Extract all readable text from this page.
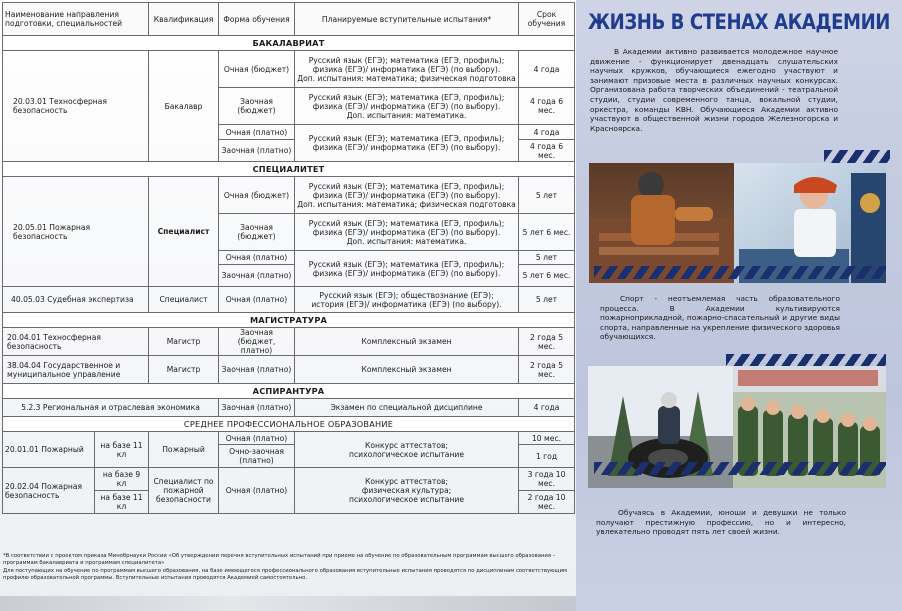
Наименование направления подготовки, специальностей		Квалификация	Форма обучения	Планируемые вступительные испытания*	Срок обучения
БАКАЛАВРИАТ					
20.03.01 Техносферная безопасность		Бакалавр	Очная (бюджет)	Русский язык (ЕГЭ); математика (ЕГЭ, профиль);
физика (ЕГЭ)/ информатика (ЕГЭ) (по выбору).
Доп. испытания: математика; физическая подготовка	4 года
			Заочная (бюджет)	Русский язык (ЕГЭ); математика (ЕГЭ, профиль);
физика (ЕГЭ)/ информатика (ЕГЭ) (по выбору).
Доп. испытания: математика.	4 года 6 мес.
			Очная (платно)	Русский язык (ЕГЭ); математика (ЕГЭ, профиль);
физика (ЕГЭ)/ информатика (ЕГЭ) (по выбору).	4 года
			Заочная (платно)		4 года 6 мес.
СПЕЦИАЛИТЕТ					
20.05.01 Пожарная безопасность		Специалист	Очная (бюджет)	Русский язык (ЕГЭ); математика (ЕГЭ, профиль);
физика (ЕГЭ)/ информатика (ЕГЭ) (по выбору).
Доп. испытания: математика; физическая подготовка	5 лет
			Заочная (бюджет)	Русский язык (ЕГЭ); математика (ЕГЭ, профиль);
физика (ЕГЭ)/ информатика (ЕГЭ) (по выбору).
Доп. испытания: математика.	5 лет 6 мес.
			Очная (платно)	Русский язык (ЕГЭ); математика (ЕГЭ, профиль);
физика (ЕГЭ)/ информатика (ЕГЭ) (по выбору).	5 лет
			Заочная (платно)		5 лет 6 мес.
40.05.03 Судебная экспертиза		Специалист	Очная (платно)	Русский язык (ЕГЭ); обществознание (ЕГЭ);
история (ЕГЭ)/ информатика (ЕГЭ) (по выбору).	5 лет
МАГИСТРАТУРА					
20.04.01 Техносферная безопасность		Магистр	Заочная (бюджет, платно)	Комплексный экзамен	2 года 5 мес.
38.04.04 Государственное и муниципальное управление		Магистр	Заочная (платно)	Комплексный экзамен	2 года 5 мес.
АСПИРАНТУРА					
5.2.3 Региональная и отраслевая экономика			Заочная (платно)	Экзамен по специальной дисциплине	4 года
СРЕДНЕЕ ПРОФЕССИОНАЛЬНОЕ ОБРАЗОВАНИЕ					
20.01.01 Пожарный	на базе 11 кл	Пожарный	Очная (платно)	Конкурс аттестатов;
психологическое испытание	10 мес.
			Очно-заочная (платно)		1 год
20.02.04 Пожарная безопасность	на базе 9 кл	Специалист по пожарной безопасности	Очная (платно)	Конкурс аттестатов;
физическая культура;
психологическое испытание	3 года 10 мес.
	на базе 11 кл				2 года 10 мес.

*В соответствии с проектом приказа Минобрнауки России «Об утверждении перечня вступительных испытаний при приеме на обучение по образовательным программам высшего образования – программам бакалавриата и программам специалитета»

Для поступающих на обучение по программам высшего образования, на базе имеющегося профессионального образования вступительные испытания проводятся по дисциплинам соответствующим профилю образовательной программы. Вступительные испытания проводятся Академией самостоятельно.

ЖИЗНЬ В СТЕНАХ АКАДЕМИИ

В Академии активно развивается молодежное научное движение - функционирует двенадцать слушательских научных кружков, обучающиеся ежегодно участвуют и занимают призовые места в различных научных конкурсах. Организована работа творческих объединений - театральной студии, студии современного танца, вокальной студии, оркестра, команды КВН. Обучающиеся Академии активно участвуют в общественной жизни городов Железногорска и Красноярска.

Спорт - неотъемлемая часть образовательного процесса. В Академии культивируются пожарноприкладной, пожарно-спасательный и другие виды спорта, направленные на укрепление физического здоровья обучающихся.

Обучаясь в Академии, юноши и девушки не только получают престижную профессию, но и интересно, увлекательно проводят пять лет своей жизни.
